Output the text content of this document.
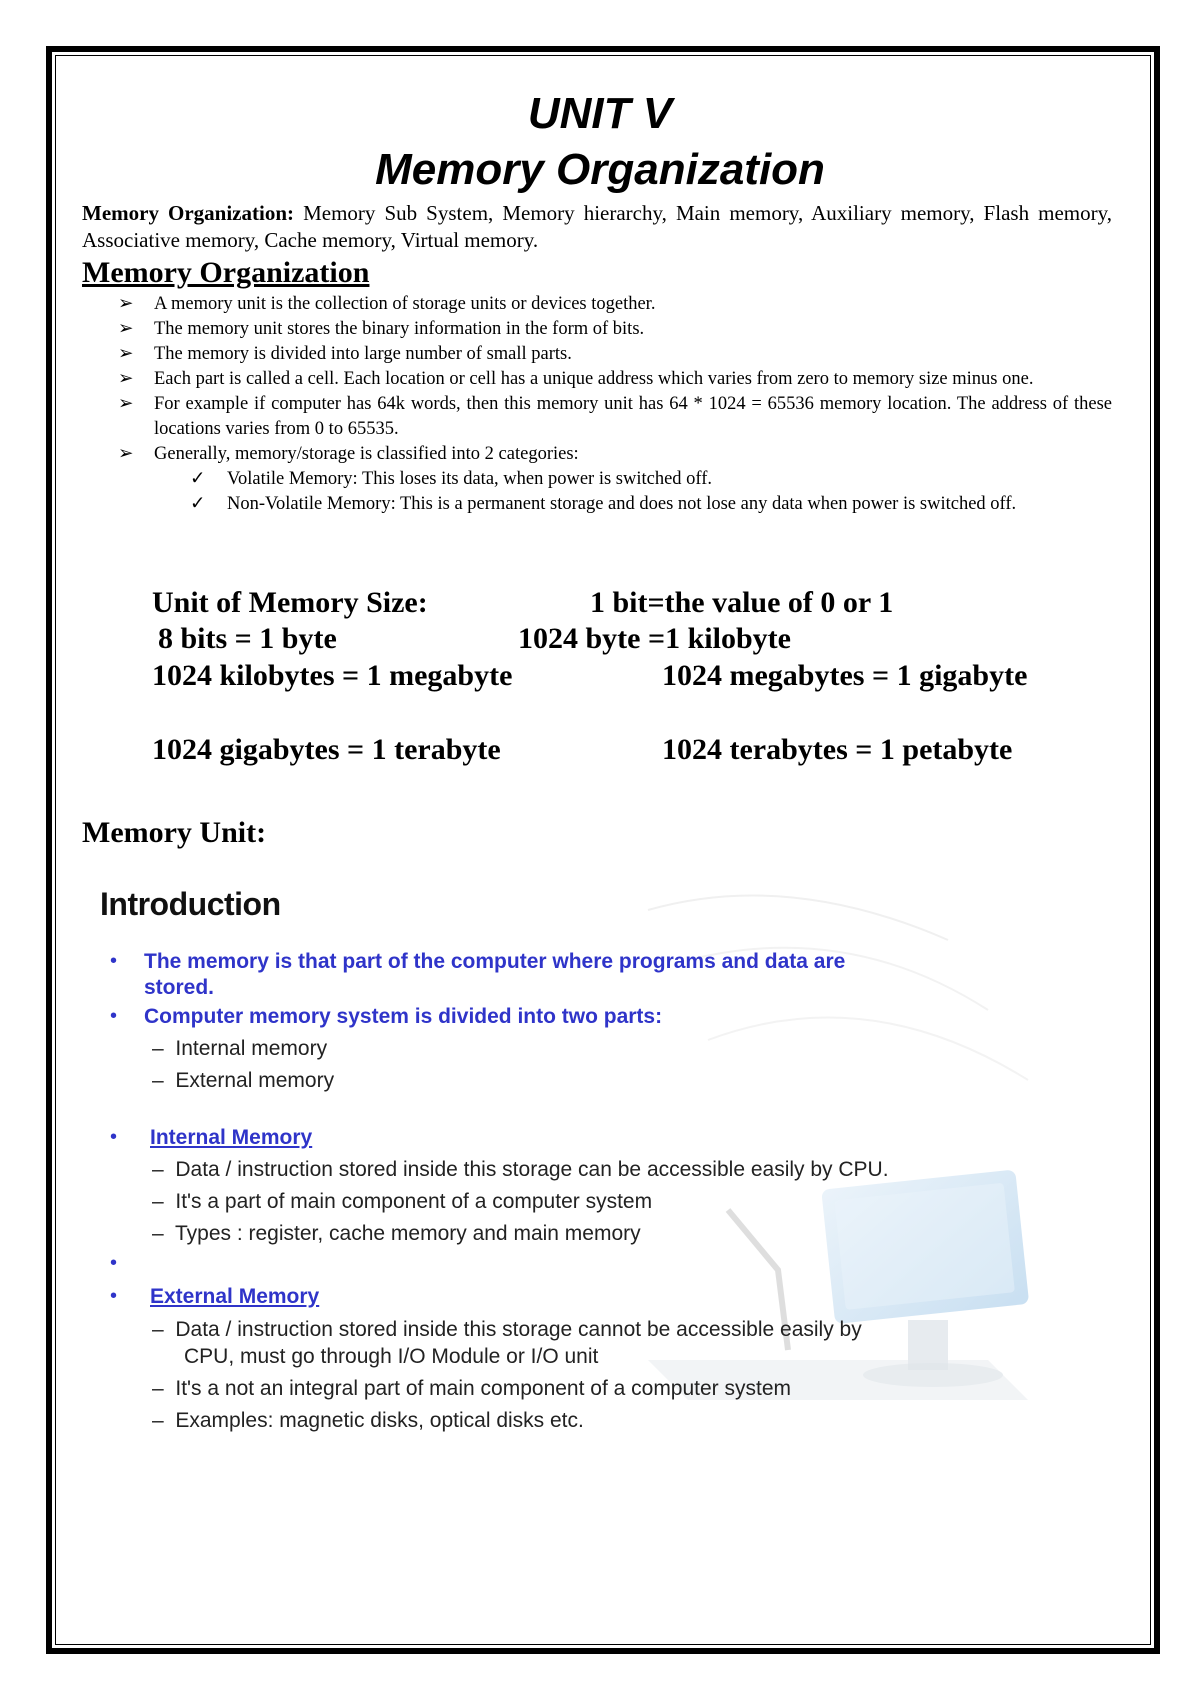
UNIT V
Memory Organization
Memory Organization: Memory Sub System, Memory hierarchy, Main memory, Auxiliary memory, Flash memory, Associative memory, Cache memory, Virtual memory.
Memory Organization
➢ A memory unit is the collection of storage units or devices together.
➢ The memory unit stores the binary information in the form of bits.
➢ The memory is divided into large number of small parts.
➢ Each part is called a cell. Each location or cell has a unique address which varies from zero to memory size minus one.
➢ For example if computer has 64k words, then this memory unit has 64 * 1024 = 65536 memory location. The address of these locations varies from 0 to 65535.
➢ Generally, memory/storage is classified into 2 categories:
✓ Volatile Memory: This loses its data, when power is switched off.
✓ Non-Volatile Memory: This is a permanent storage and does not lose any data when power is switched off.
Unit of Memory Size:	1 bit=the value of 0 or 1
8 bits = 1 byte	1024 byte =1 kilobyte
1024 kilobytes = 1 megabyte	1024 megabytes = 1 gigabyte
1024 gigabytes = 1 terabyte	1024 terabytes = 1 petabyte
Memory Unit:
Introduction
• The memory is that part of the computer where programs and data are
stored.
• Computer memory system is divided into two parts:
–  Internal memory
–  External memory
• Internal Memory
–  Data / instruction stored inside this storage can be accessible easily by CPU.
–  It's a part of main component of a computer system
–  Types : register, cache memory and main memory
•
• External Memory
–  Data / instruction stored inside this storage cannot be accessible easily by
CPU, must go through I/O Module or I/O unit
–  It's a not an integral part of main component of a computer system
–  Examples: magnetic disks, optical disks etc.
